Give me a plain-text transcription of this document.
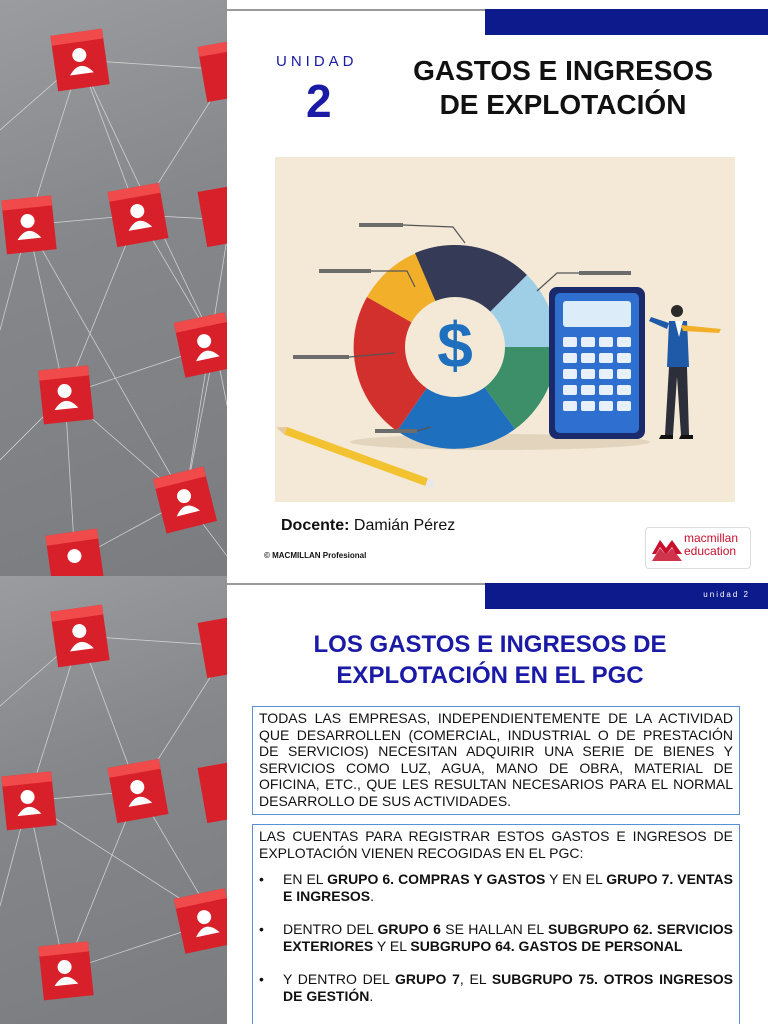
UNIDAD
2
GASTOS E INGRESOS
DE EXPLOTACIÓN
$
Docente: Damián Pérez
© MACMILLAN Profesional
macmillan
education
unidad 2
LOS GASTOS E INGRESOS DE
EXPLOTACIÓN EN EL PGC
TODAS LAS EMPRESAS, INDEPENDIENTEMENTE DE LA ACTIVIDAD QUE DESARROLLEN (COMERCIAL, INDUSTRIAL O DE PRESTACIÓN DE SERVICIOS) NECESITAN ADQUIRIR UNA SERIE DE BIENES Y SERVICIOS COMO LUZ, AGUA, MANO DE OBRA, MATERIAL DE OFICINA, ETC., QUE LES RESULTAN NECESARIOS PARA EL NORMAL DESARROLLO DE SUS ACTIVIDADES.
LAS CUENTAS PARA REGISTRAR ESTOS GASTOS E INGRESOS DE EXPLOTACIÓN VIENEN RECOGIDAS EN EL PGC:
• EN EL GRUPO 6. COMPRAS Y GASTOS Y EN EL GRUPO 7. VENTAS E INGRESOS.
• DENTRO DEL GRUPO 6 SE HALLAN EL SUBGRUPO 62. SERVICIOS EXTERIORES Y EL SUBGRUPO 64. GASTOS DE PERSONAL
• Y DENTRO DEL GRUPO 7, EL SUBGRUPO 75. OTROS INGRESOS DE GESTIÓN.
